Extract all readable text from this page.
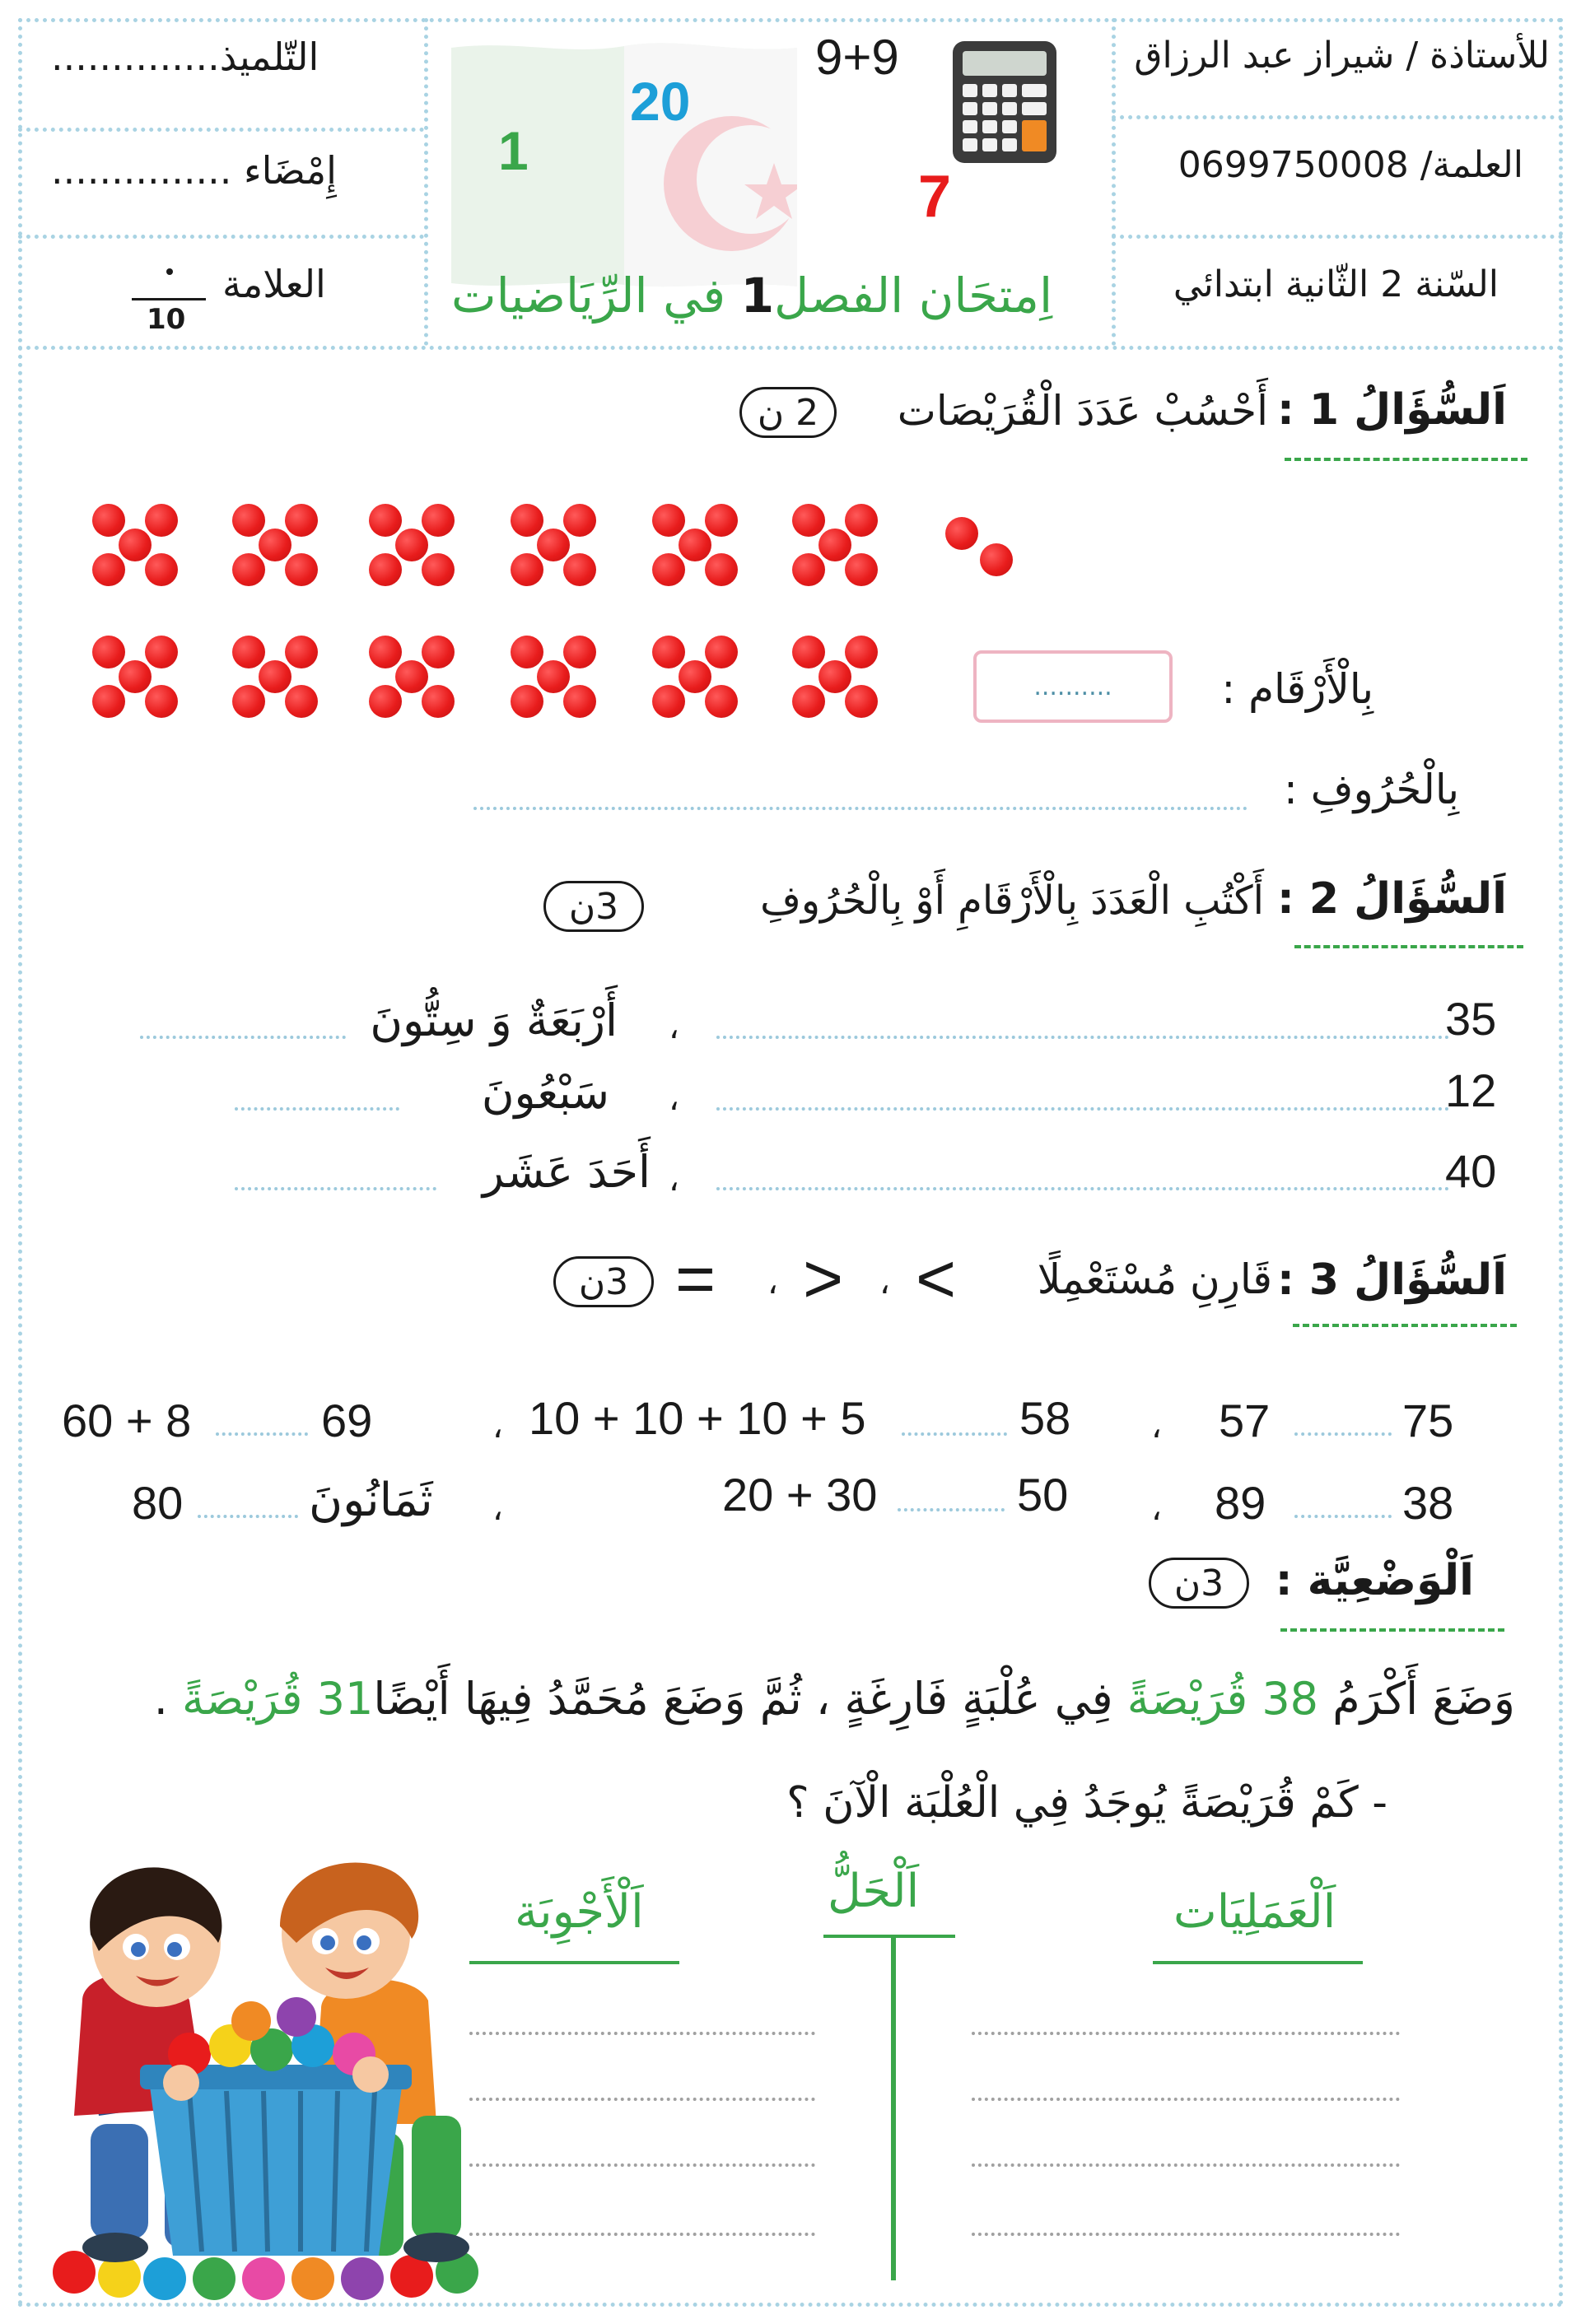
للأستاذة / شيراز عبد الرزاق
العلمة/ 0699750008
السّنة 2 الثّانية ابتدائي
التّلميذ..............
إِمْضَاء ...............
العلامة
10
9+9
20
1
7
اِمتحَان الفصل1 في الرِّيَاضيات
اَلسُّؤَالُ 1 :
أَحْسُبْ عَدَدَ الْقُرَيْصَات
2 ن
بِالْأَرْقَام :
..........
بِالْحُرُوفِ :
اَلسُّؤَالُ 2 :
أَكْتُبِ الْعَدَدَ بِالْأَرْقَامِ أَوْ بِالْحُرُوفِ
3ن
35
،
أَرْبَعَةٌ وَ سِتُّونَ
12
،
سَبْعُونَ
40
،
أَحَدَ عَشَر
اَلسُّؤَالُ 3 :
قَارِنِ مُسْتَعْمِلًا
<
،
>
،
=
3ن
75
57
،
58
10 + 10 + 10 + 5
،
69
60 + 8
38
89
،
50
20 + 30
،
ثَمَانُونَ
80
اَلْوَضْعِيَّة :
3ن
وَضَعَ أَكْرَمُ 38 قُرَيْصَةً فِي عُلْبَةٍ فَارِغَةٍ ، ثُمَّ وَضَعَ مُحَمَّدُ فِيهَا أَيْضًا31 قُرَيْصَةً .
- كَمْ قُرَيْصَةً يُوجَدُ فِي الْعُلْبَة الْآنَ ؟
اَلْعَمَلِيَات
اَلْحَلُّ
اَلْأَجْوِبَة
